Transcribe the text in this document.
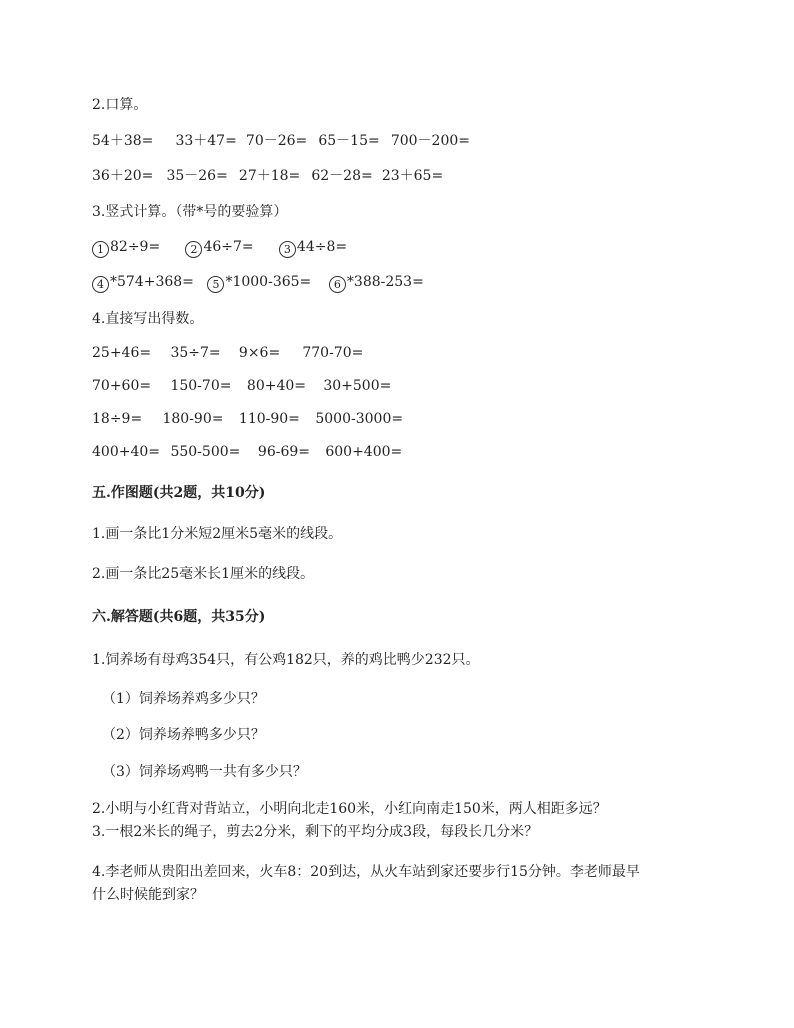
2.口算。
54＋38= 33＋47= 70－26= 65－15= 700－200=
36＋20= 35－26= 27＋18= 62－28= 23＋65=
3.竖式计算。（带*号的要验算）
1 82÷9=	2 46÷7=	3 44÷8=
4 *574+368= 5 *1000-365= 6 *388-253=
4.直接写出得数。
25+46= 35÷7= 9×6= 770-70=
70+60= 150-70= 80+40= 30+500=
18÷9= 180-90= 110-90= 5000-3000=
400+40= 550-500= 96-69= 600+400=
五.作图题(共2题，共10分)
1.画一条比1分米短2厘米5毫米的线段。
2.画一条比25毫米长1厘米的线段。
六.解答题(共6题，共35分)
1.饲养场有母鸡354只，有公鸡182只，养的鸡比鸭少232只。
（1）饲养场养鸡多少只？
（2）饲养场养鸭多少只？
（3）饲养场鸡鸭一共有多少只？
2.小明与小红背对背站立，小明向北走160米，小红向南走150米，两人相距多远？
3.一根2米长的绳子，剪去2分米，剩下的平均分成3段，每段长几分米？
4.李老师从贵阳出差回来，火车8：20到达，从火车站到家还要步行15分钟。李老师最早
什么时候能到家？
